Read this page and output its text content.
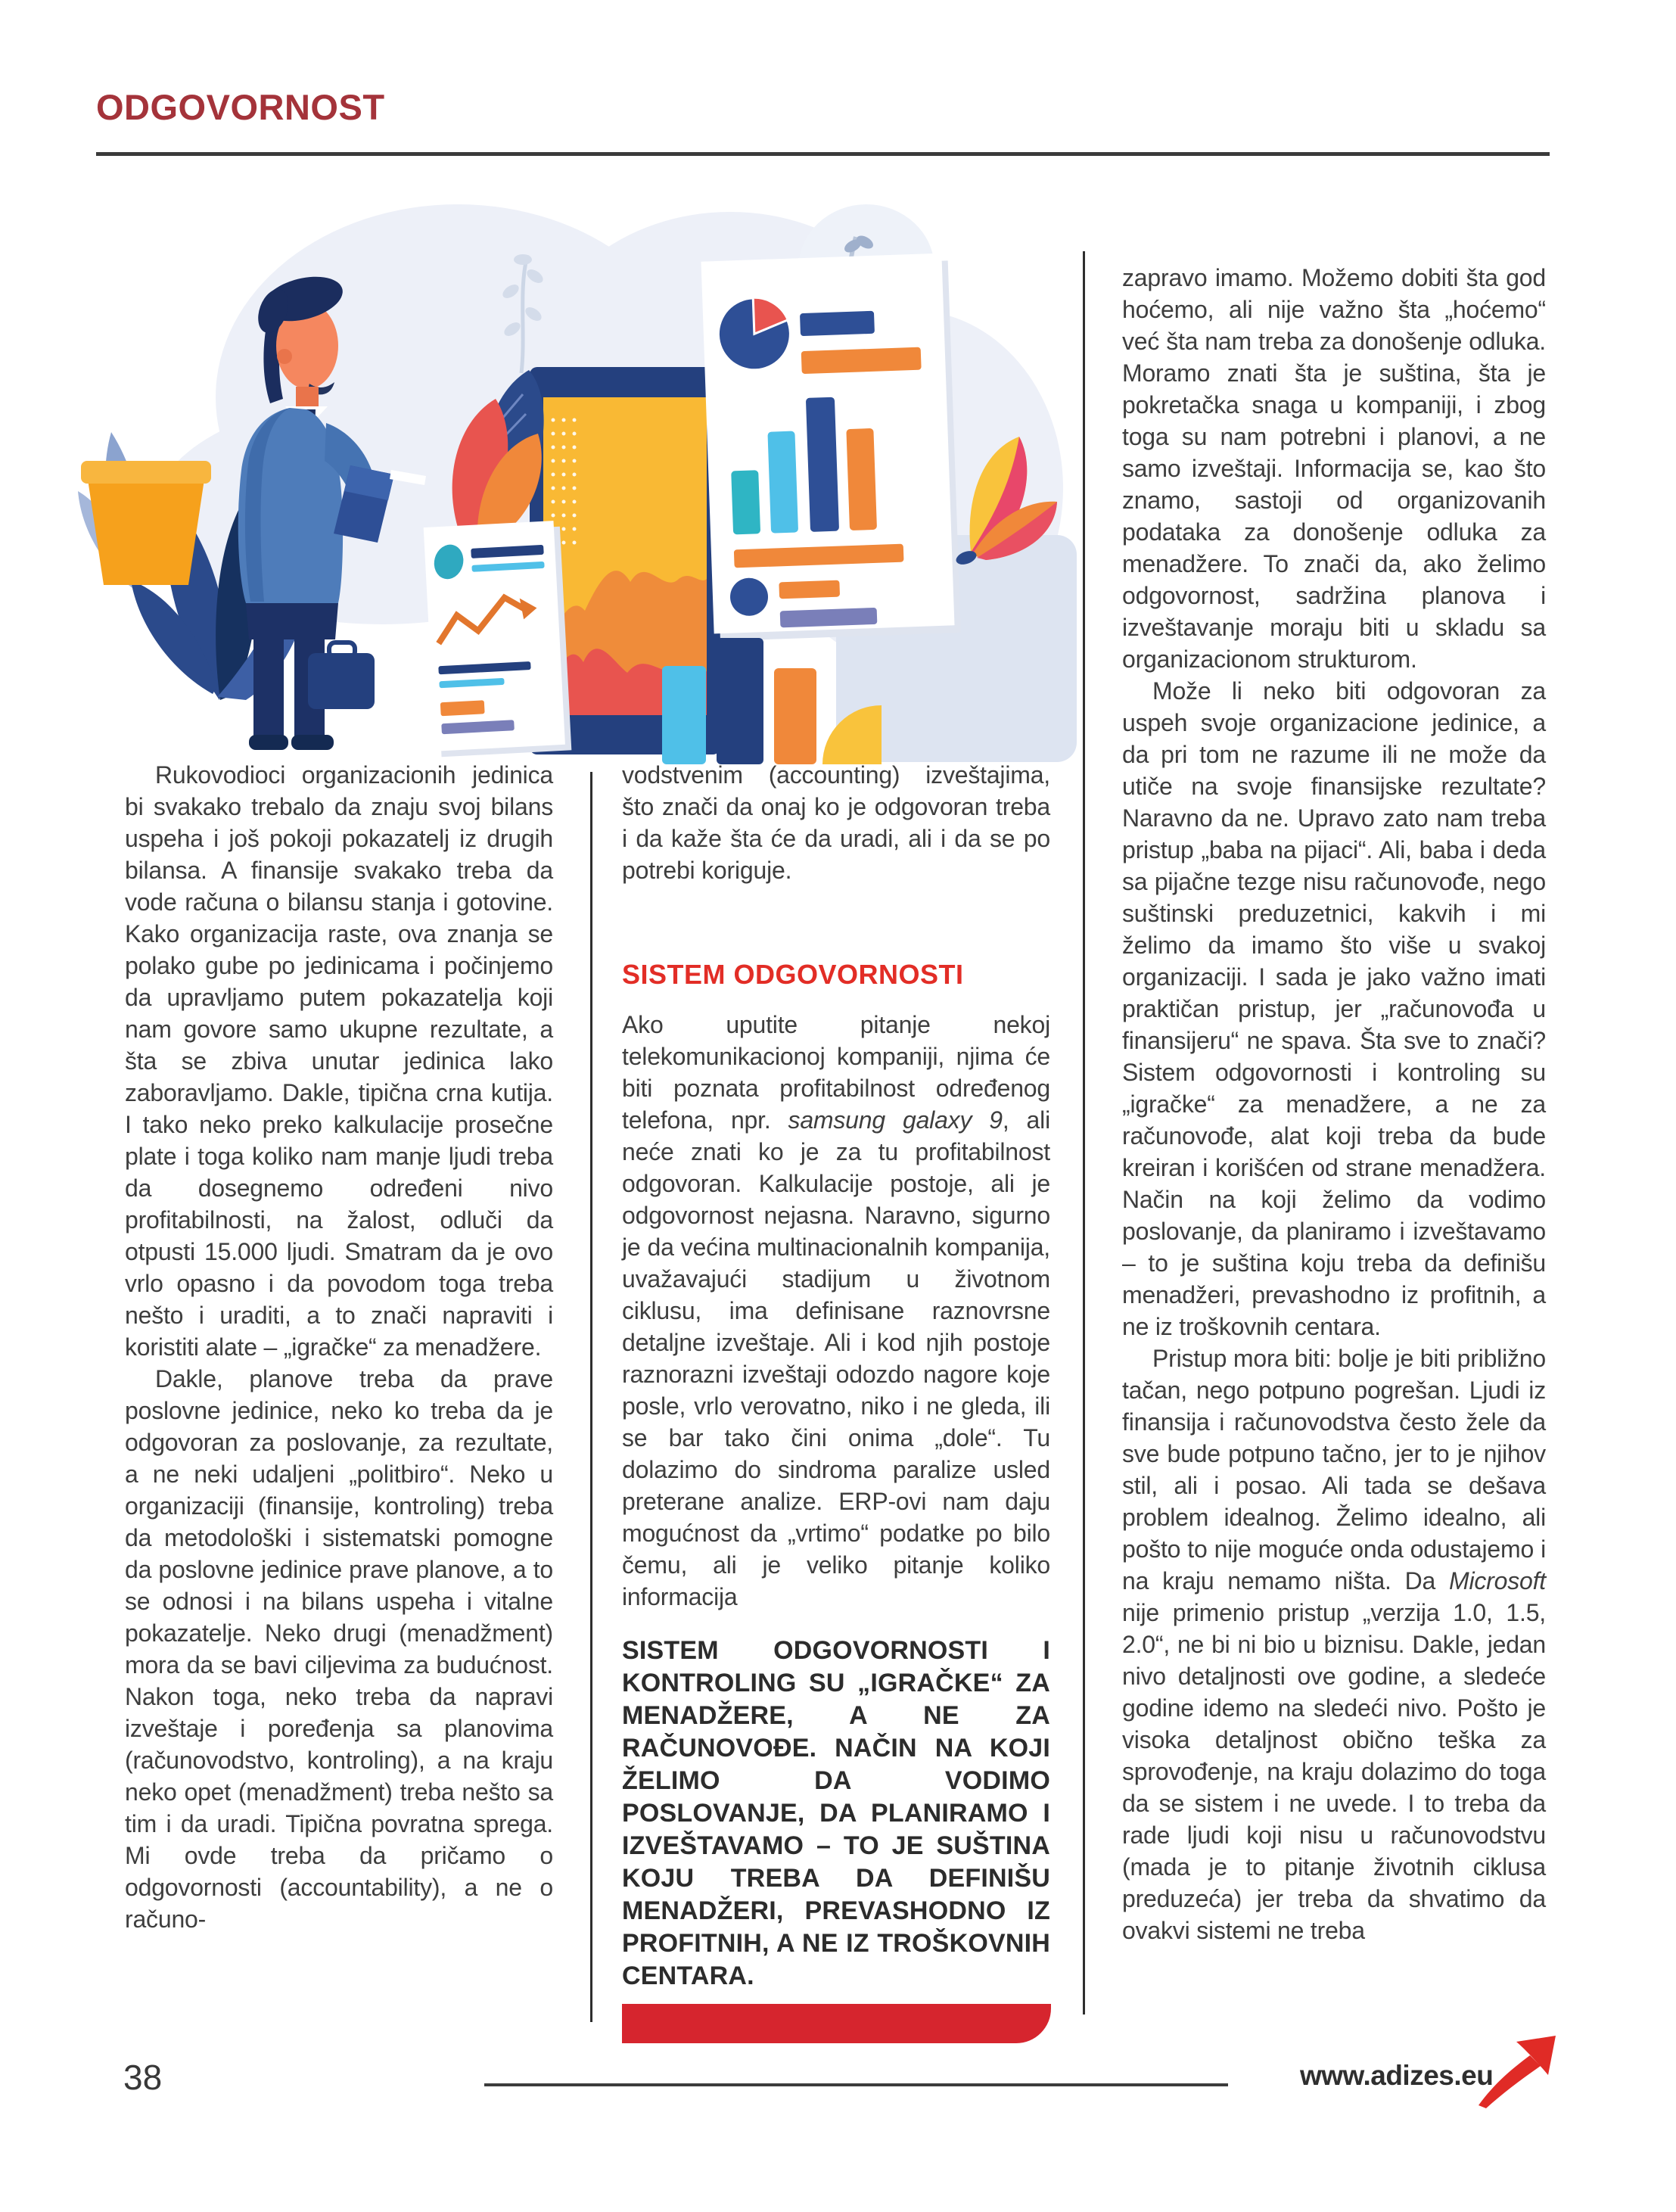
ODGOVORNOST

Rukovodioci organizacionih jedinica bi svakako trebalo da znaju svoj bilans uspeha i još pokoji pokazatelj iz drugih bilansa. A finansije svakako treba da vode računa o bilansu stanja i gotovine. Kako organizacija raste, ova znanja se polako gube po jedinicama i počinjemo da upravljamo putem pokazatelja koji nam govore samo ukupne rezultate, a šta se zbiva unutar jedinica lako zaboravljamo. Dakle, tipična crna kutija. I tako neko preko kalkulacije prosečne plate i toga koliko nam manje ljudi treba da dosegnemo određeni nivo profitabilnosti, na žalost, odluči da otpusti 15.000 ljudi. Smatram da je ovo vrlo opasno i da povodom toga treba nešto i uraditi, a to znači napraviti i koristiti alate – „igračke“ za menadžere.

Dakle, planove treba da prave poslovne jedinice, neko ko treba da je odgovoran za poslovanje, za rezultate, a ne neki udaljeni „politbiro“. Neko u organizaciji (finansije, kontroling) treba da metodološki i sistematski pomogne da poslovne jedinice prave planove, a to se odnosi i na bilans uspeha i vitalne pokazatelje. Neko drugi (menadžment) mora da se bavi ciljevima za budućnost. Nakon toga, neko treba da napravi izveštaje i poređenja sa planovima (računovodstvo, kontroling), a na kraju neko opet (menadžment) treba nešto sa tim i da uradi. Tipična povratna sprega. Mi ovde treba da pričamo o odgovornosti (accountability), a ne o računo-

vodstvenim (accounting) izveštajima, što znači da onaj ko je odgovoran treba i da kaže šta će da uradi, ali i da se po potrebi koriguje.

SISTEM ODGOVORNOSTI

Ako uputite pitanje nekoj telekomunikacionoj kompaniji, njima će biti poznata profitabilnost određenog telefona, npr. samsung galaxy 9, ali neće znati ko je za tu profitabilnost odgovoran. Kalkulacije postoje, ali je odgovornost nejasna. Naravno, sigurno je da većina multinacionalnih kompanija, uvažavajući stadijum u životnom ciklusu, ima definisane raznovrsne detaljne izveštaje. Ali i kod njih postoje raznorazni izveštaji odozdo nagore koje posle, vrlo verovatno, niko i ne gleda, ili se bar tako čini onima „dole“. Tu dolazimo do sindroma paralize usled preterane analize. ERP-ovi nam daju mogućnost da „vrtimo“ podatke po bilo čemu, ali je veliko pitanje koliko informacija

SISTEM ODGOVORNOSTI I KONTROLING SU „IGRAČKE“ ZA MENADŽERE, A NE ZA RAČUNOVOĐE. NAČIN NA KOJI ŽELIMO DA VODIMO POSLOVANJE, DA PLANIRAMO I IZVEŠTAVAMO – TO JE SUŠTINA KOJU TREBA DA DEFINIŠU MENADŽERI, PREVASHODNO IZ PROFITNIH, A NE IZ TROŠKOVNIH CENTARA.

zapravo imamo. Možemo dobiti šta god hoćemo, ali nije važno šta „hoćemo“ već šta nam treba za donošenje odluka. Moramo znati šta je suština, šta je pokretačka snaga u kompaniji, i zbog toga su nam potrebni i planovi, a ne samo izveštaji. Informacija se, kao što znamo, sastoji od organizovanih podataka za donošenje odluka za menadžere. To znači da, ako želimo odgovornost, sadržina planova i izveštavanje moraju biti u skladu sa organizacionom strukturom.

Može li neko biti odgovoran za uspeh svoje organizacione jedinice, a da pri tom ne razume ili ne može da utiče na svoje finansijske rezultate? Naravno da ne. Upravo zato nam treba pristup „baba na pijaci“. Ali, baba i deda sa pijačne tezge nisu računovođe, nego suštinski preduzetnici, kakvih i mi želimo da imamo što više u svakoj organizaciji. I sada je jako važno imati praktičan pristup, jer „računovođa u finansijeru“ ne spava. Šta sve to znači? Sistem odgovornosti i kontroling su „igračke“ za menadžere, a ne za računovođe, alat koji treba da bude kreiran i korišćen od strane menadžera. Način na koji želimo da vodimo poslovanje, da planiramo i izveštavamo – to je suština koju treba da definišu menadžeri, prevashodno iz profitnih, a ne iz troškovnih centara.

Pristup mora biti: bolje je biti približno tačan, nego potpuno pogrešan. Ljudi iz finansija i računovodstva često žele da sve bude potpuno tačno, jer to je njihov stil, ali i posao. Ali tada se dešava problem idealnog. Želimo idealno, ali pošto to nije moguće onda odustajemo i na kraju nemamo ništa. Da Microsoft nije primenio pristup „verzija 1.0, 1.5, 2.0“, ne bi ni bio u biznisu. Dakle, jedan nivo detaljnosti ove godine, a sledeće godine idemo na sledeći nivo. Pošto je visoka detaljnost obično teška za sprovođenje, na kraju dolazimo do toga da se sistem i ne uvede. I to treba da rade ljudi koji nisu u računovodstvu (mada je to pitanje životnih ciklusa preduzeća) jer treba da shvatimo da ovakvi sistemi ne treba

38	www.adizes.eu
